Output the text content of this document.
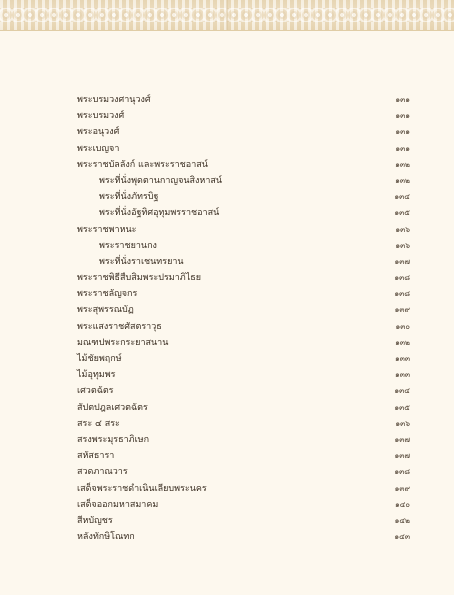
พระบรมวงศานุวงศ์	๑๓๑
พระบรมวงศ์	๑๓๑
พระอนุวงศ์	๑๓๑
พระเบญจา	๑๓๑
พระราชบัลลังก์ และพระราชอาสน์	๑๓๒
พระที่นั่งพุดตานกาญจนสิงหาสน์	๑๓๒
พระที่นั่งภัทรบิฐ	๑๓๔
พระที่นั่งอัฐทิศอุทุมพรราชอาสน์	๑๓๕
พระราชพาหนะ	๑๓๖
พระราชยานกง	๑๓๖
พระที่นั่งราเชนทรยาน	๑๓๗
พระราชพิธีสืบสิมพระปรมาภิไธย	๑๓๘
พระราชลัญจกร	๑๓๘
พระสุพรรณบัฏ	๑๓๙
พระแสงราชศัสตราวุธ	๑๓๐
มณฑปพระกระยาสนาน	๑๓๒
ไม้ชัยพฤกษ์	๑๓๓
ไม้อุทุมพร	๑๓๓
เศวตฉัตร	๑๓๔
สัปตปฎลเศวตฉัตร	๑๓๕
สระ ๔ สระ	๑๓๖
สรงพระมุรธาภิเษก	๑๓๗
สหัสธารา	๑๓๗
สวดภาณวาร	๑๓๘
เสด็จพระราชดำเนินเลียบพระนคร	๑๓๙
เสด็จออกมหาสมาคม	๑๔๐
สีหบัญชร	๑๔๒
หลังทักษิโณทก	๑๔๓
